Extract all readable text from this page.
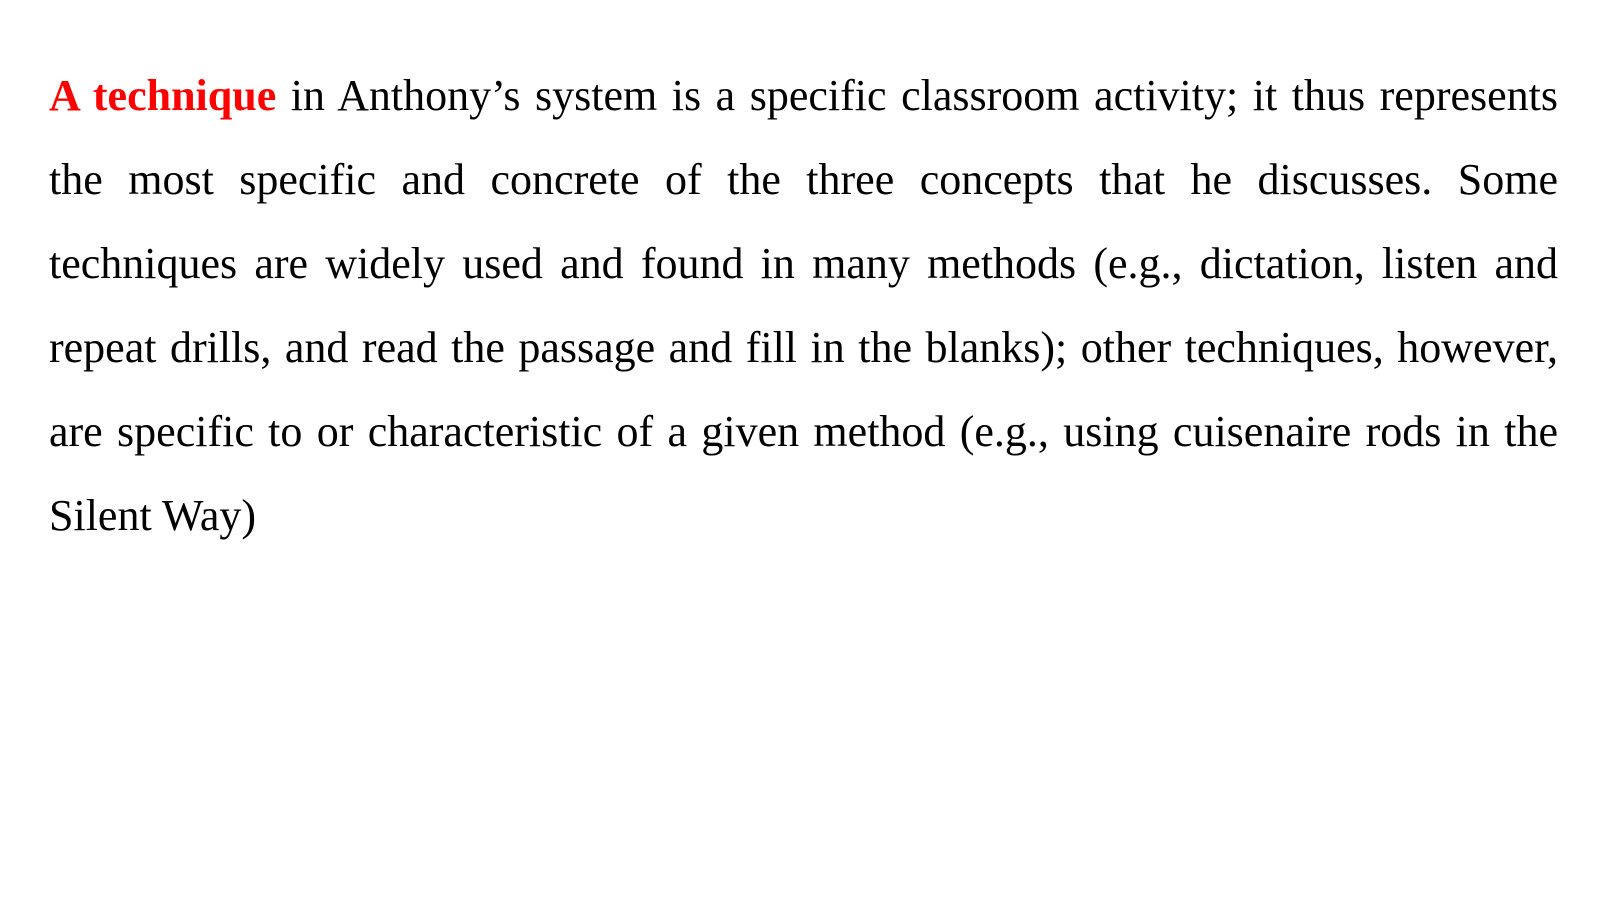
A technique in Anthony’s system is a specific classroom activity; it thus represents the most specific and concrete of the three concepts that he discusses. Some techniques are widely used and found in many methods (e.g., dictation, listen and repeat drills, and read the passage and fill in the blanks); other techniques, however, are specific to or characteristic of a given method (e.g., using cuisenaire rods in the Silent Way)
